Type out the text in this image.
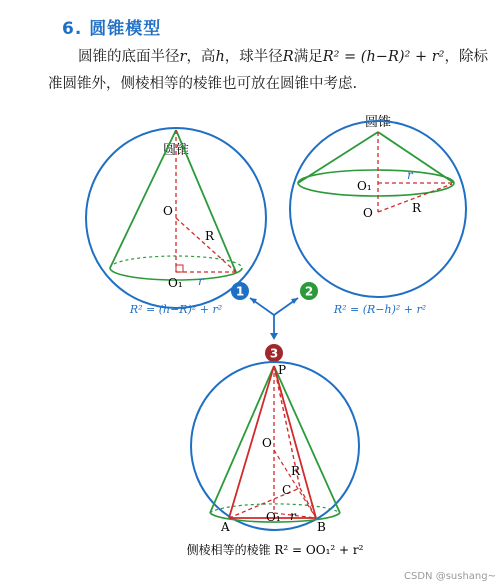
6. 圆锥模型
圆锥的底面半径r，高h，球半径R满足R² = (h−R)² + r²，除标准圆锥外，侧棱相等的棱锥也可放在圆锥中考虑.
圆锥
O
R
O₁ r
R² = (h−R)² + r²
圆锥
O₁
r
O	R
R² = (R−h)² + r²
1	2
3
P
O
R
C
O₁ r
A	B
侧棱相等的棱锥 R² = OO₁² + r²
CSDN @sushang~
